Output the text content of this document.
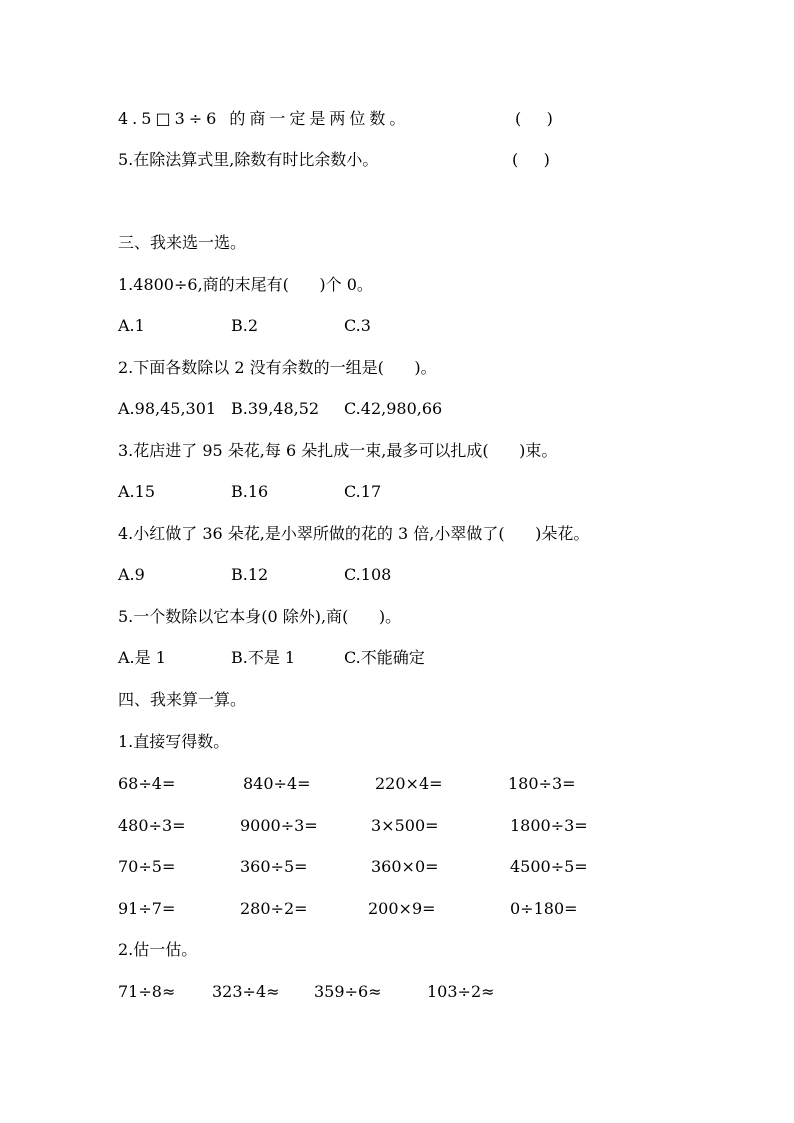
4.5□3÷6 的商一定是两位数。	(     )
5.在除法算式里,除数有时比余数小。	(     )
三、我来选一选。
1.4800÷6,商的末尾有(      )个 0。
A.1	B.2	C.3
2.下面各数除以 2 没有余数的一组是(      )。
A.98,45,301 B.39,48,52 C.42,980,66
3.花店进了 95 朵花,每 6 朵扎成一束,最多可以扎成(      )束。
A.15	B.16	C.17
4.小红做了 36 朵花,是小翠所做的花的 3 倍,小翠做了(      )朵花。
A.9	B.12	C.108
5.一个数除以它本身(0 除外),商(      )。
A.是 1	B.不是 1	C.不能确定
四、我来算一算。
1.直接写得数。
68÷4=	840÷4=	220×4=	180÷3=
480÷3=	9000÷3=	3×500=	1800÷3=
70÷5=	360÷5=	360×0=	4500÷5=
91÷7=	280÷2=	200×9=	0÷180=
2.估一估。
71÷8≈ 323÷4≈ 359÷6≈	103÷2≈
